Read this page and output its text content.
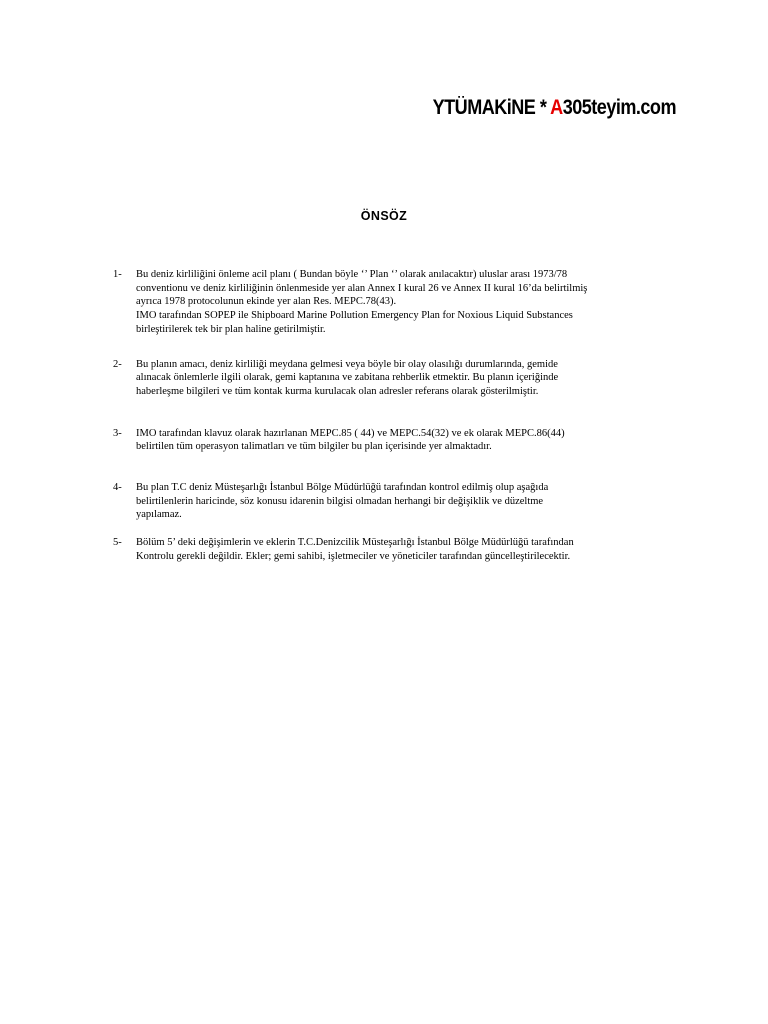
YTÜMAKiNE * A305teyim.com
ÖNSÖZ
1- Bu deniz kirliliğini önleme acil planı ( Bundan böyle ‘’ Plan ‘’ olarak anılacaktır) uluslar arası 1973/78
conventionu ve deniz kirliliğinin önlenmeside yer alan Annex I kural 26 ve Annex II kural 16’da belirtilmiş
ayrıca 1978 protocolunun ekinde yer alan Res. MEPC.78(43).
IMO tarafından SOPEP ile Shipboard Marine Pollution Emergency Plan for Noxious Liquid Substances
birleştirilerek tek bir plan haline getirilmiştir.
2- Bu planın amacı, deniz kirliliği meydana gelmesi veya böyle bir olay olasılığı durumlarında, gemide
alınacak önlemlerle ilgili olarak, gemi kaptanına ve zabitana rehberlik etmektir. Bu planın içeriğinde
haberleşme bilgileri ve tüm kontak kurma kurulacak olan adresler referans olarak gösterilmiştir.
3- IMO tarafından klavuz olarak hazırlanan MEPC.85 ( 44) ve MEPC.54(32) ve ek olarak MEPC.86(44)
belirtilen tüm operasyon talimatları ve tüm bilgiler bu plan içerisinde yer almaktadır.
4- Bu plan T.C deniz Müsteşarlığı İstanbul Bölge Müdürlüğü tarafından kontrol edilmiş olup aşağıda
belirtilenlerin haricinde, söz konusu idarenin bilgisi olmadan herhangi bir değişiklik ve düzeltme
yapılamaz.
5- Bölüm 5’ deki değişimlerin ve eklerin T.C.Denizcilik Müsteşarlığı İstanbul Bölge Müdürlüğü tarafından
Kontrolu gerekli değildir. Ekler; gemi sahibi, işletmeciler ve yöneticiler tarafından güncelleştirilecektir.
